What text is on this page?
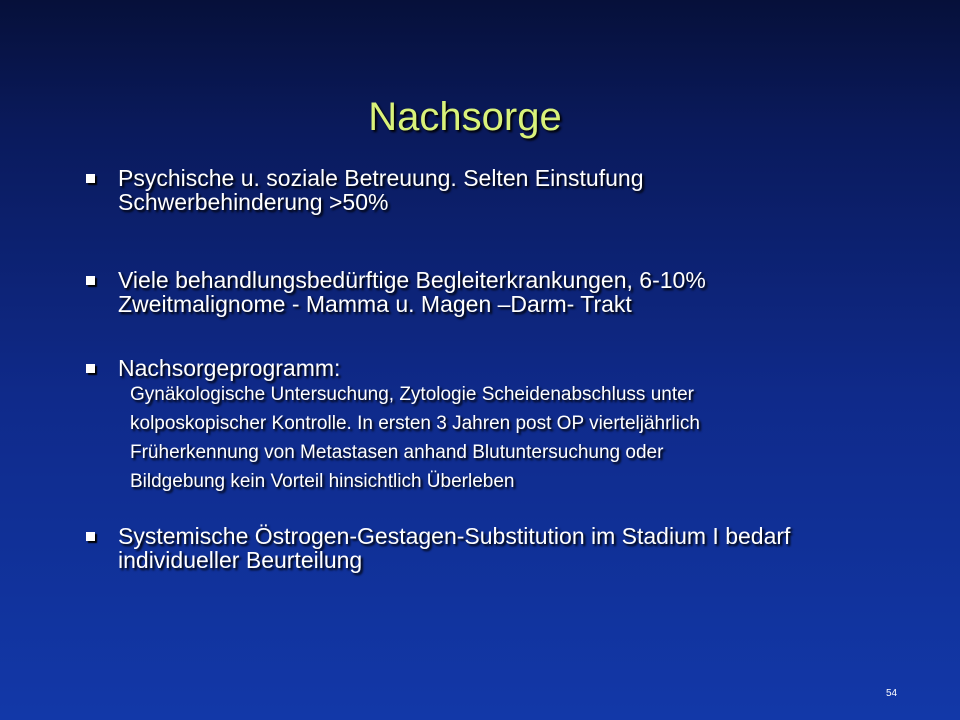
Nachsorge
Psychische u. soziale Betreuung. Selten Einstufung
Schwerbehinderung >50%
Viele behandlungsbedürftige Begleiterkrankungen, 6-10%
Zweitmalignome - Mamma u. Magen –Darm- Trakt
Nachsorgeprogramm:
Gynäkologische Untersuchung, Zytologie Scheidenabschluss unter
kolposkopischer Kontrolle. In ersten 3 Jahren post OP vierteljährlich
Früherkennung von Metastasen anhand Blutuntersuchung oder
Bildgebung kein Vorteil hinsichtlich Überleben
Systemische Östrogen-Gestagen-Substitution im Stadium I bedarf
individueller Beurteilung
54
